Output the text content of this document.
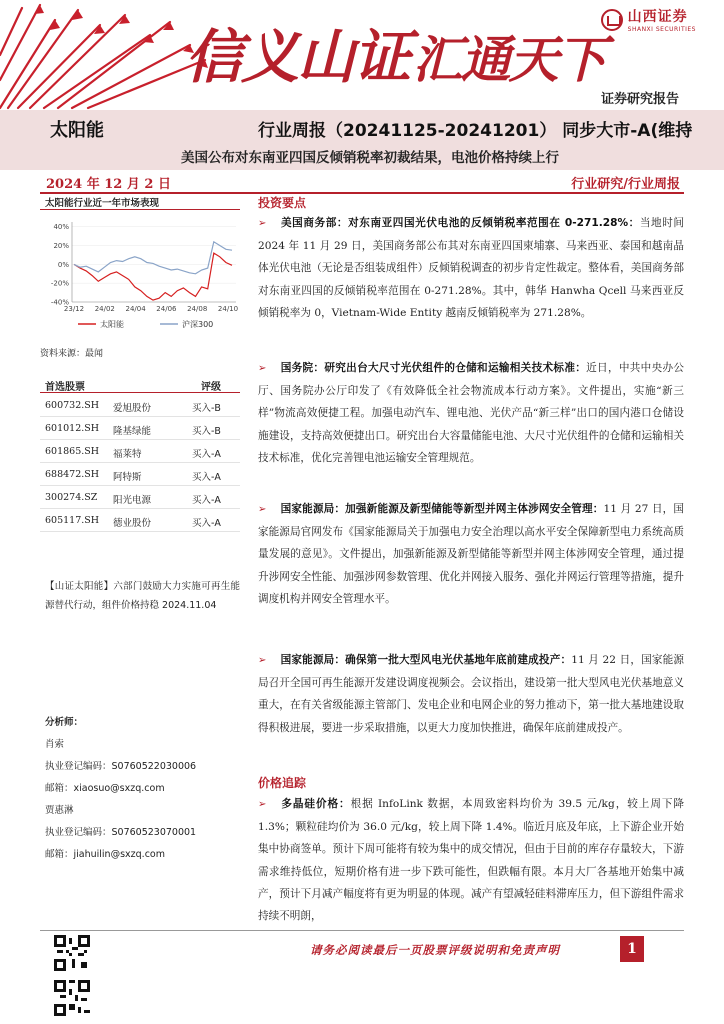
信义山证 汇通天下
山西证券
SHANXI SECURITIES
证券研究报告
太阳能	行业周报（20241125-20241201） 同步大市-A(维持
美国公布对东南亚四国反倾销税率初裁结果，电池价格持续上行
2024 年 12 月 2 日	行业研究/行业周报
太阳能行业近一年市场表现
40%
20%
0%
-20%
-40%
23/12 24/02 24/04 24/06 24/08 24/10
太阳能	沪深300
资料来源：最闻
首选股票	评级
600732.SH 爱旭股份	买入-B
601012.SH 隆基绿能	买入-B
601865.SH 福莱特	买入-A
688472.SH 阿特斯	买入-A
300274.SZ 阳光电源	买入-A
605117.SH 德业股份	买入-A
【山证太阳能】六部门鼓励大力实施可再生能源替代行动，组件价格持稳 2024.11.04
分析师：
肖索
执业登记编码：S0760522030006
邮箱：xiaosuo@sxzq.com
贾惠淋
执业登记编码：S0760523070001
邮箱：jiahuilin@sxzq.com
投资要点
➢ 美国商务部：对东南亚四国光伏电池的反倾销税率范围在 0-271.28%：当地时间 2024 年 11 月 29 日，美国商务部公布其对东南亚四国柬埔寨、马来西亚、泰国和越南晶体光伏电池（无论是否组装成组件）反倾销税调查的初步肯定性裁定。整体看，美国商务部对东南亚四国的反倾销税率范围在 0-271.28%。其中，韩华 Hanwha Qcell 马来西亚反倾销税率为 0，Vietnam-Wide Entity 越南反倾销税率为 271.28%。
➢ 国务院：研究出台大尺寸光伏组件的仓储和运输相关技术标准：近日，中共中央办公厅、国务院办公厅印发了《有效降低全社会物流成本行动方案》。文件提出，实施“新三样”物流高效便捷工程。加强电动汽车、锂电池、光伏产品“新三样”出口的国内港口仓储设施建设，支持高效便捷出口。研究出台大容量储能电池、大尺寸光伏组件的仓储和运输相关技术标准，优化完善锂电池运输安全管理规范。
➢ 国家能源局：加强新能源及新型储能等新型并网主体涉网安全管理：11 月 27 日，国家能源局官网发布《国家能源局关于加强电力安全治理以高水平安全保障新型电力系统高质量发展的意见》。文件提出，加强新能源及新型储能等新型并网主体涉网安全管理，通过提升涉网安全性能、加强涉网参数管理、优化并网接入服务、强化并网运行管理等措施，提升调度机构并网安全管理水平。
➢ 国家能源局：确保第一批大型风电光伏基地年底前建成投产：11 月 22 日，国家能源局召开全国可再生能源开发建设调度视频会。会议指出，建设第一批大型风电光伏基地意义重大，在有关省级能源主管部门、发电企业和电网企业的努力推动下，第一批大基地建设取得积极进展，要进一步采取措施，以更大力度加快推进，确保年底前建成投产。
价格追踪
➢ 多晶硅价格：根据 InfoLink 数据，本周致密料均价为 39.5 元/kg，较上周下降 1.3%；颗粒硅均价为 36.0 元/kg，较上周下降 1.4%。临近月底及年底，上下游企业开始集中协商签单。预计下周可能将有较为集中的成交情况，但由于目前的库存存量较大，下游需求维持低位，短期价格有进一步下跌可能性，但跌幅有限。本月大厂各基地开始集中减产，预计下月减产幅度将有更为明显的体现。减产有望减轻硅料滞库压力，但下游组件需求持续不明朗，
请务必阅读最后一页股票评级说明和免责声明	1
